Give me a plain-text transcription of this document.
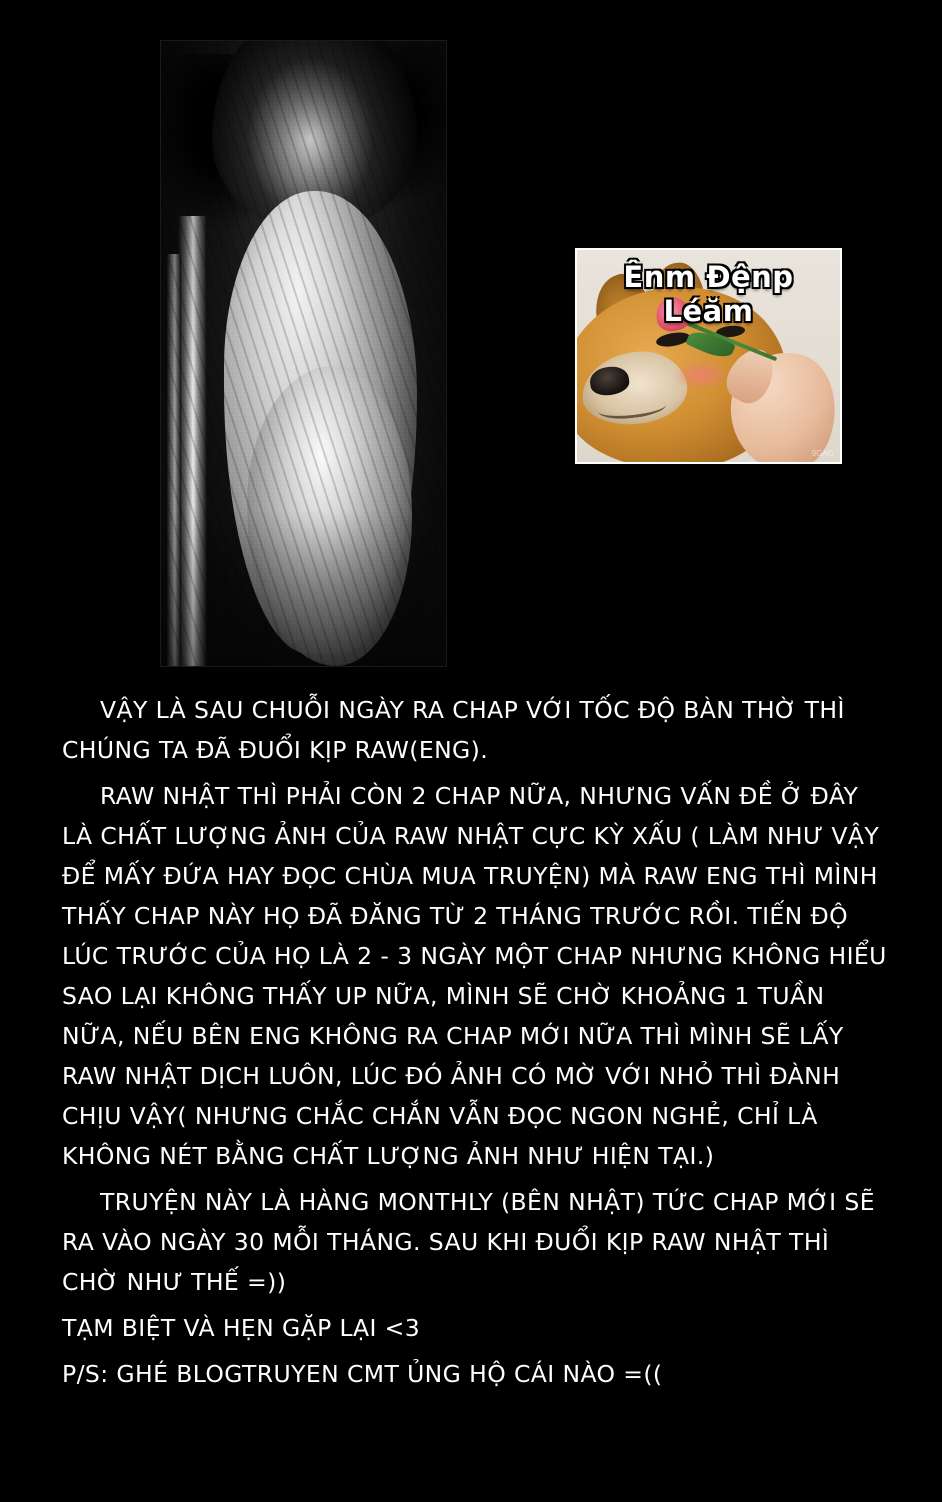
Ênm Đệnp Léăm
9GAG

VẬY LÀ SAU CHUỖI NGÀY RA CHAP VỚI TỐC ĐỘ BÀN THỜ THÌ CHÚNG TA ĐÃ ĐUỔI KỊP RAW(ENG).

RAW NHẬT THÌ PHẢI CÒN 2 CHAP NỮA, NHƯNG VẤN ĐỀ Ở ĐÂY LÀ CHẤT LƯỢNG ẢNH CỦA RAW NHẬT CỰC KỲ XẤU ( LÀM NHƯ VẬY ĐỂ MẤY ĐỨA HAY ĐỌC CHÙA MUA TRUYỆN) MÀ RAW ENG THÌ MÌNH THẤY CHAP NÀY HỌ ĐÃ ĐĂNG TỪ 2 THÁNG TRƯỚC RỒI. TIẾN ĐỘ LÚC TRƯỚC CỦA HỌ LÀ 2 - 3 NGÀY MỘT CHAP NHƯNG KHÔNG HIỂU SAO LẠI KHÔNG THẤY UP NỮA, MÌNH SẼ CHỜ KHOẢNG 1 TUẦN NỮA, NẾU BÊN ENG KHÔNG RA CHAP MỚI NỮA THÌ MÌNH SẼ LẤY RAW NHẬT DỊCH LUÔN, LÚC ĐÓ ẢNH CÓ MỜ VỚI NHỎ THÌ ĐÀNH CHỊU VẬY( NHƯNG CHẮC CHẮN VẪN ĐỌC NGON NGHẺ, CHỈ LÀ KHÔNG NÉT BẰNG CHẤT LƯỢNG ẢNH NHƯ HIỆN TẠI.)

TRUYỆN NÀY LÀ HÀNG MONTHLY (BÊN NHẬT) TỨC CHAP MỚI SẼ RA VÀO NGÀY 30 MỖI THÁNG. SAU KHI ĐUỔI KỊP RAW NHẬT THÌ CHỜ NHƯ THẾ =))

TẠM BIỆT VÀ HẸN GẶP LẠI <3

P/S: GHÉ BLOGTRUYEN CMT ỦNG HỘ CÁI NÀO =((
